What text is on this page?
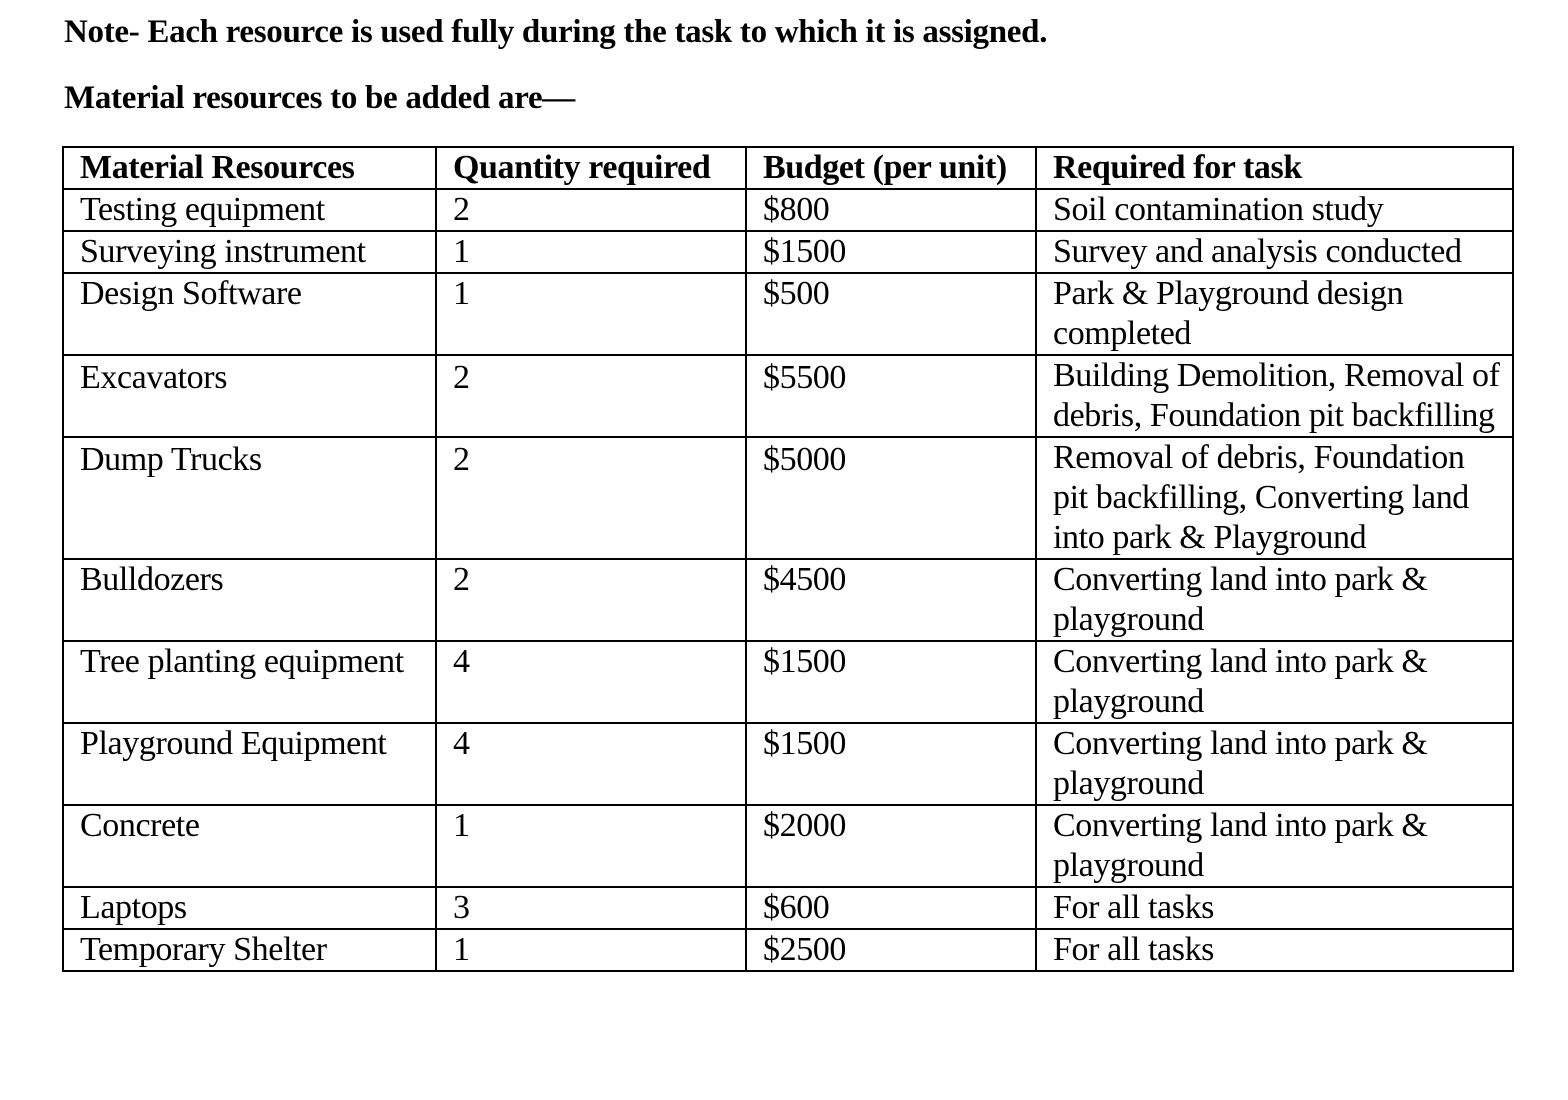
Note- Each resource is used fully during the task to which it is assigned.
Material resources to be added are—
Material Resources	Quantity required	Budget (per unit)	Required for task
Testing equipment	2	$800	Soil contamination study
Surveying instrument	1	$1500	Survey and analysis conducted
Design Software	1	$500	Park & Playground design completed
Excavators	2	$5500	Building Demolition, Removal of debris, Foundation pit backfilling
Dump Trucks	2	$5000	Removal of debris, Foundation pit backfilling, Converting land into park & Playground
Bulldozers	2	$4500	Converting land into park & playground
Tree planting equipment	4	$1500	Converting land into park & playground
Playground Equipment	4	$1500	Converting land into park & playground
Concrete	1	$2000	Converting land into park & playground
Laptops	3	$600	For all tasks
Temporary Shelter	1	$2500	For all tasks
